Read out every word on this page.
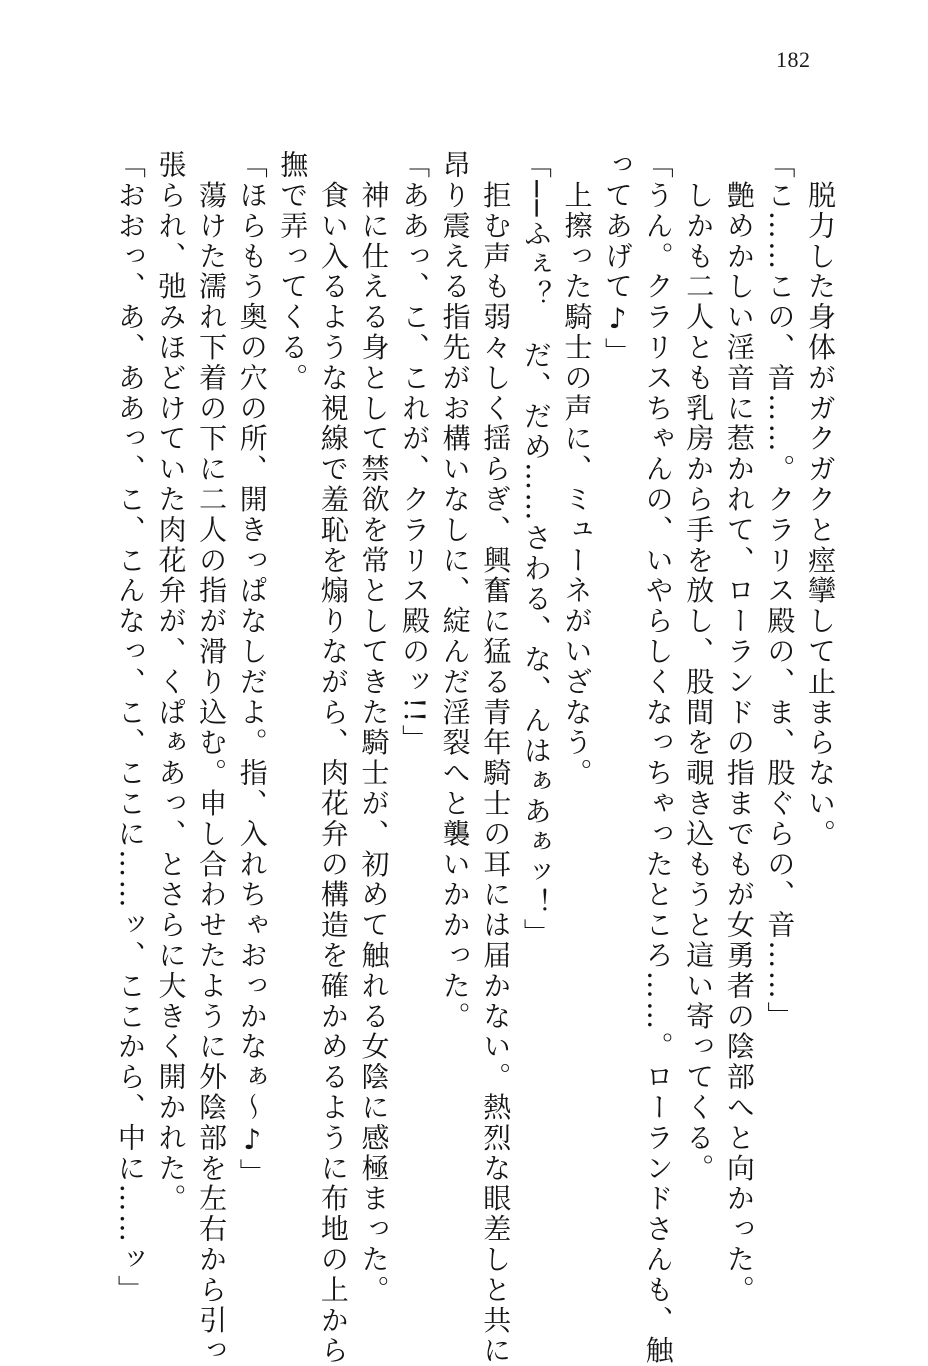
182
　脱力した身体がガクガクと痙攣して止まらない。
「こ……この、音……。クラリス殿の、ま、股ぐらの、音……」
　艶めかしい淫音に惹かれて、ローランドの指までもが女勇者の陰部へと向かった。
　しかも二人とも乳房から手を放し、股間を覗き込もうと這い寄ってくる。
「うん。クラリスちゃんの、いやらしくなっちゃったところ……。ローランドさんも、触
ってあげて♪」
　上擦った騎士の声に、ミューネがいざなう。
「──ふぇ？　だ、だめ……さわる、な、んはぁあぁッ！」
　拒む声も弱々しく揺らぎ、興奮に猛る青年騎士の耳には届かない。熱烈な眼差しと共に
昂り震える指先がお構いなしに、綻んだ淫裂へと襲いかかった。
「ああっ、こ、これが、クラリス殿のッ!!」
　神に仕える身として禁欲を常としてきた騎士が、初めて触れる女陰に感極まった。
　食い入るような視線で羞恥を煽りながら、肉花弁の構造を確かめるように布地の上から
撫で弄ってくる。
「ほらもう奥の穴の所、開きっぱなしだよ。指、入れちゃおっかなぁ～♪」
　蕩けた濡れ下着の下に二人の指が滑り込む。申し合わせたように外陰部を左右から引っ
張られ、弛みほどけていた肉花弁が、くぱぁあっ、とさらに大きく開かれた。
「おおっ、あ、ああっ、こ、こんなっ、こ、ここに……ッ、ここから、中に……ッ」
